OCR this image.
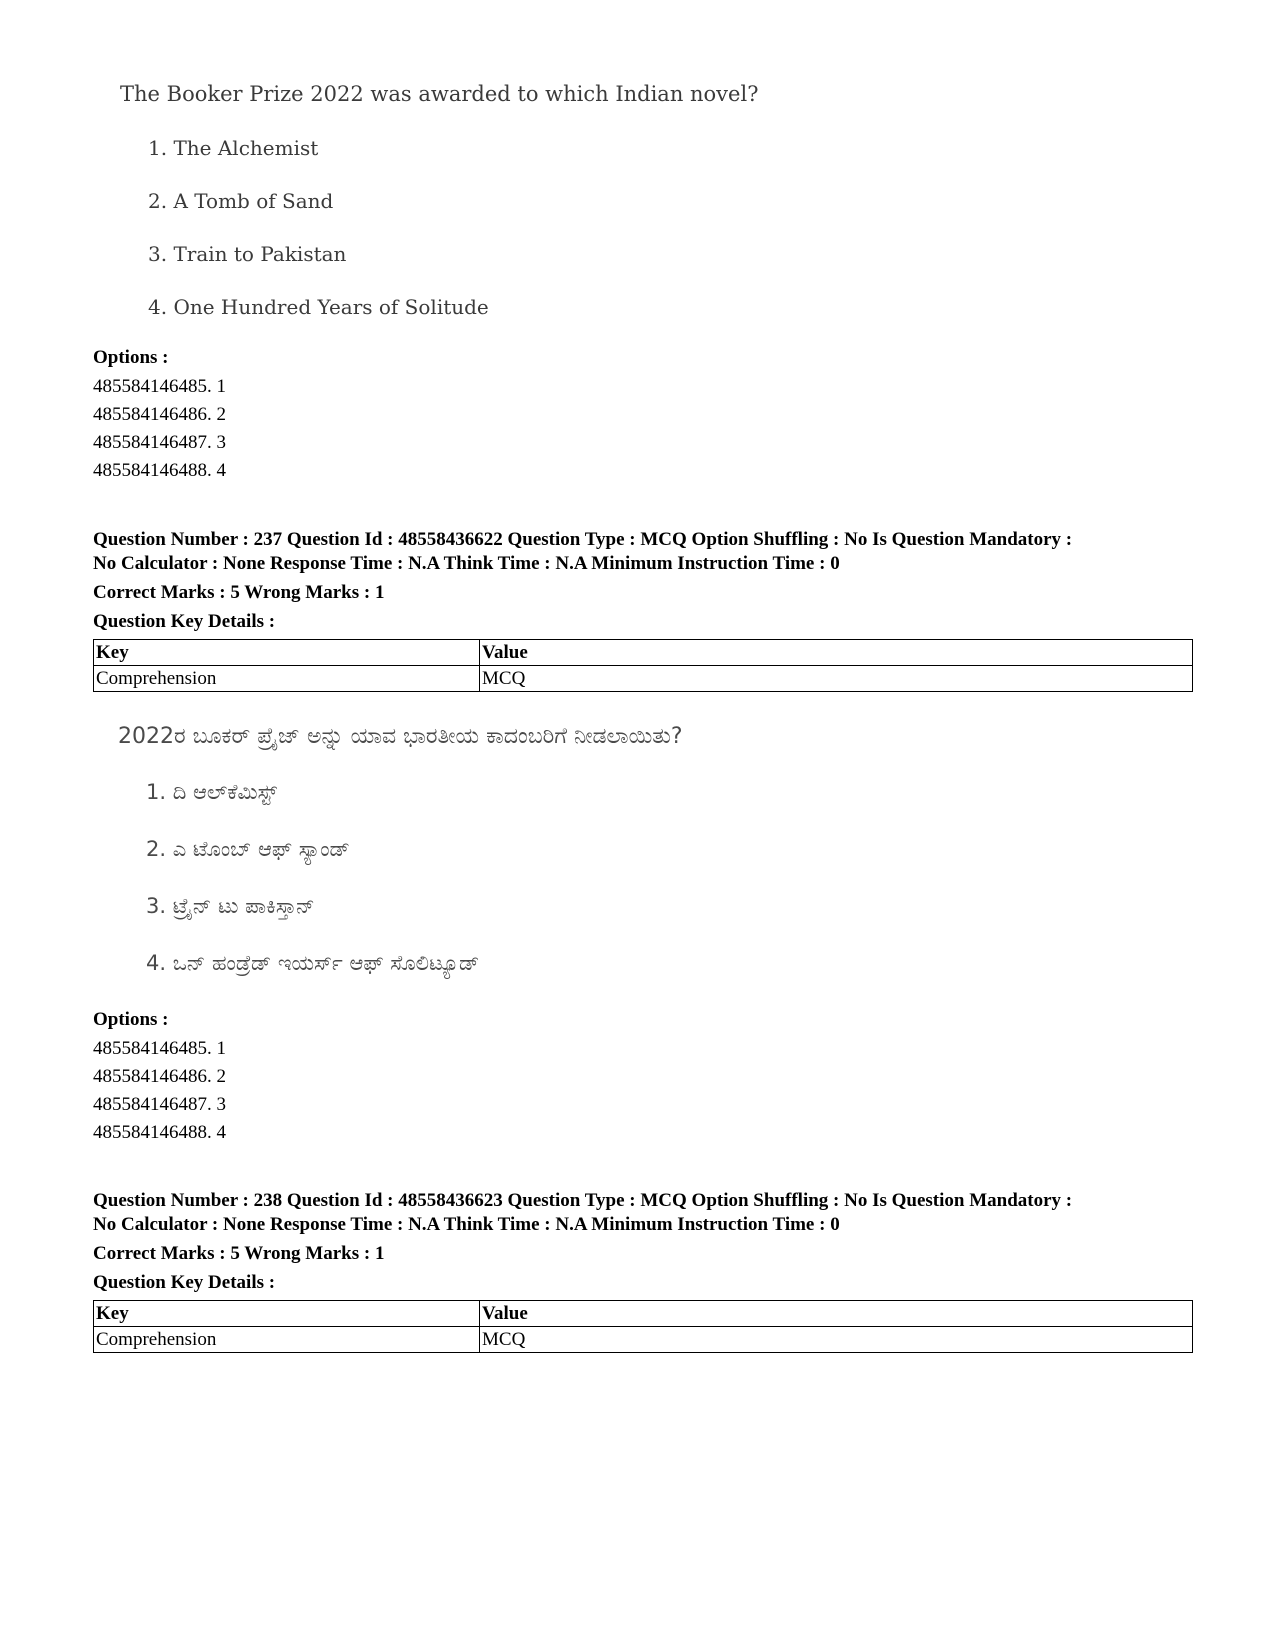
The Booker Prize 2022 was awarded to which Indian novel?
1. The Alchemist
2. A Tomb of Sand
3. Train to Pakistan
4. One Hundred Years of Solitude
Options :
485584146485. 1
485584146486. 2
485584146487. 3
485584146488. 4
Question Number : 237 Question Id : 48558436622 Question Type : MCQ Option Shuffling : No Is Question Mandatory :
No Calculator : None Response Time : N.A Think Time : N.A Minimum Instruction Time : 0
Correct Marks : 5 Wrong Marks : 1
Question Key Details :
Key	Value
Comprehension	MCQ
2022ರ ಬೂಕರ್ ಪ್ರೈಜ್ ಅನ್ನು ಯಾವ ಭಾರತೀಯ ಕಾದಂಬರಿಗೆ ನೀಡಲಾಯಿತು?
1. ದಿ ಆಲ್‌ಕೆಮಿಸ್ಟ್
2. ಎ ಟೊಂಬ್ ಆಫ್ ಸ್ಯಾಂಡ್
3. ಟ್ರೈನ್ ಟು ಪಾಕಿಸ್ತಾನ್
4. ಒನ್ ಹಂಡ್ರೆಡ್ ಇಯರ್ಸ್ ಆಫ್ ಸೊಲಿಟ್ಯೂಡ್
Options :
485584146485. 1
485584146486. 2
485584146487. 3
485584146488. 4
Question Number : 238 Question Id : 48558436623 Question Type : MCQ Option Shuffling : No Is Question Mandatory :
No Calculator : None Response Time : N.A Think Time : N.A Minimum Instruction Time : 0
Correct Marks : 5 Wrong Marks : 1
Question Key Details :
Key	Value
Comprehension	MCQ
